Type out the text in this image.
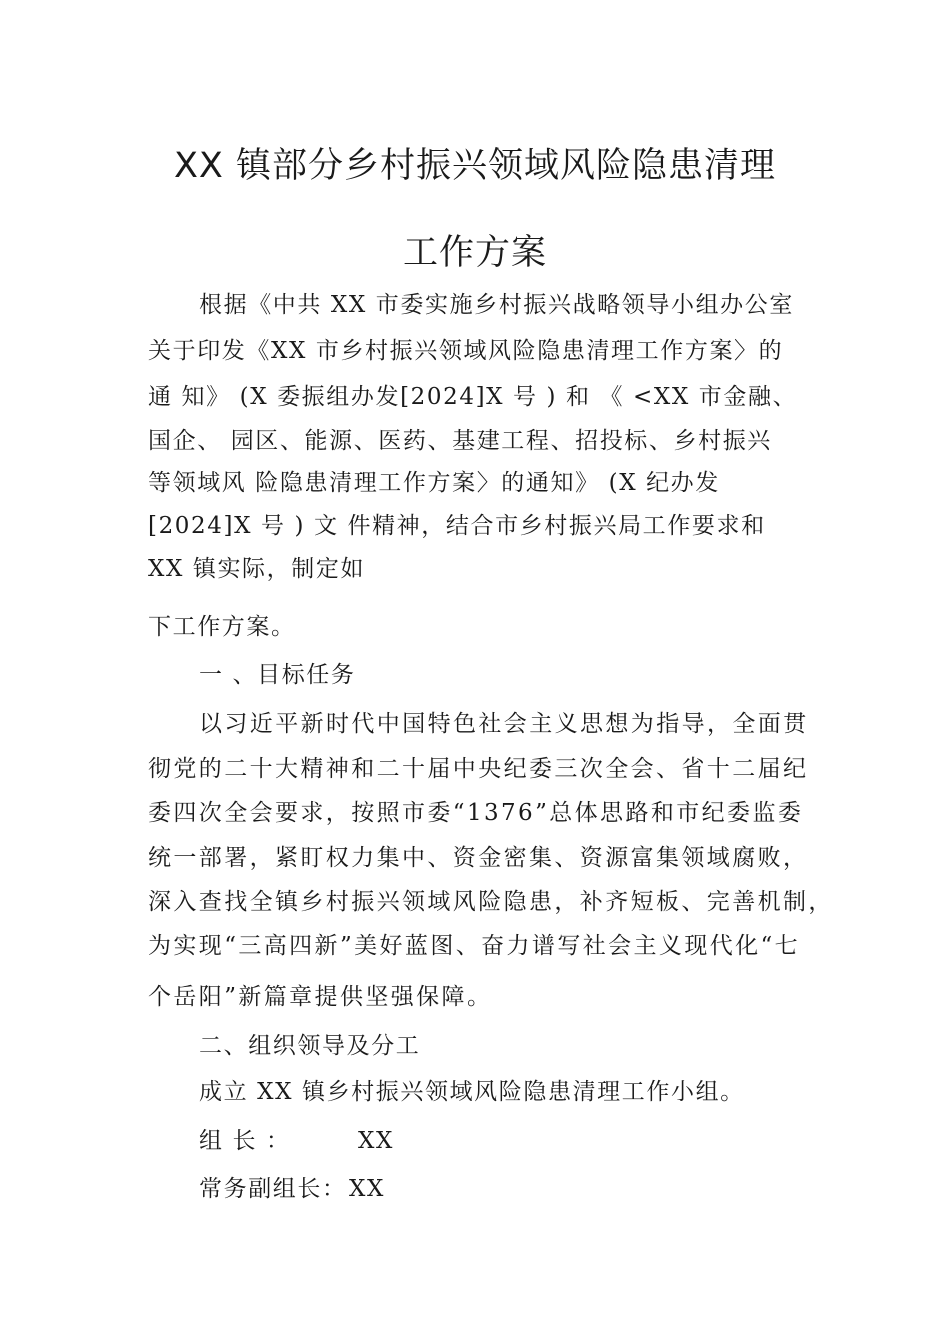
XX 镇部分乡村振兴领域风险隐患清理
工作方案

根据《中共 XX 市委实施乡村振兴战略领导小组办公室

关于印发《XX 市乡村振兴领域风险隐患清理工作方案〉的

通 知》 (X 委振组办发[2024]X 号 ) 和 《 <XX 市金融、

国企、 园区、能源、医药、基建工程、招投标、乡村振兴

等领域风 险隐患清理工作方案〉的通知》 (X 纪办发

[2024]X 号 ) 文 件精神，结合市乡村振兴局工作要求和

XX 镇实际，制定如

下工作方案。

一 、目标任务

以习近平新时代中国特色社会主义思想为指导，全面贯

彻党的二十大精神和二十届中央纪委三次全会、省十二届纪

委四次全会要求，按照市委“1376”总体思路和市纪委监委

统一部署，紧盯权力集中、资金密集、资源富集领域腐败，

深入查找全镇乡村振兴领域风险隐患，补齐短板、完善机制，

为实现“三高四新”美好蓝图、奋力谱写社会主义现代化“七

个岳阳”新篇章提供坚强保障。

二、组织领导及分工

成立 XX 镇乡村振兴领域风险隐患清理工作小组。

组 长 ：	XX
常务副组长： XX
